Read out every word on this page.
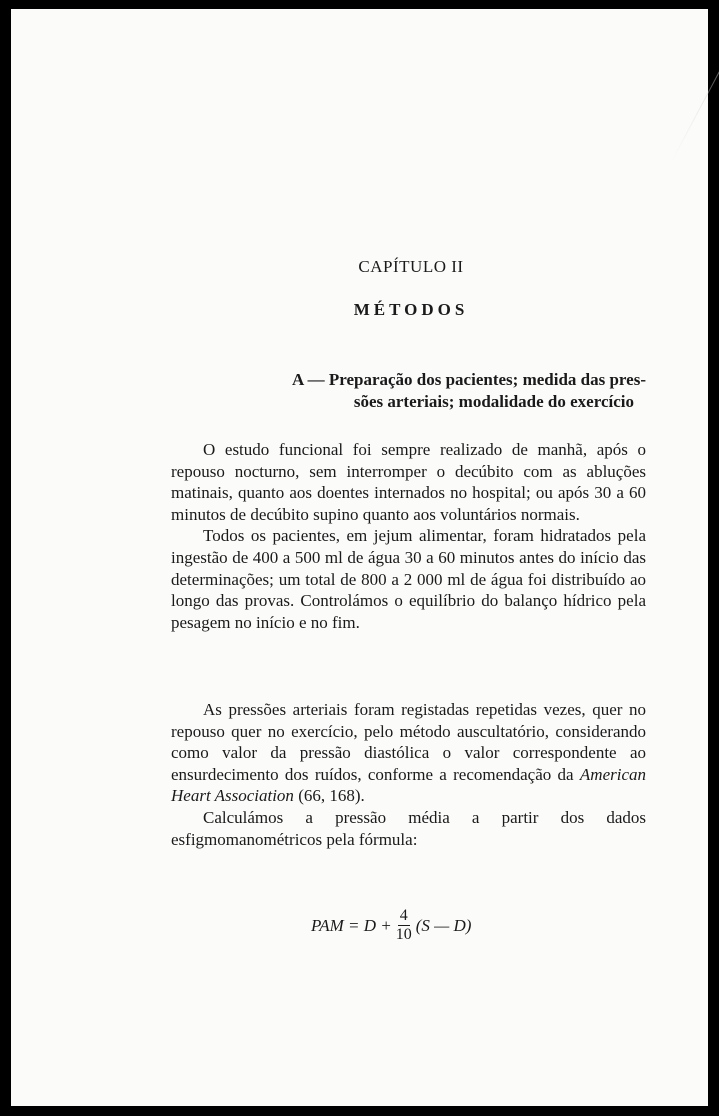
CAPÍTULO II
MÉTODOS
A — Preparação dos pacientes; medida das pres-
sões arteriais; modalidade do exercício

O estudo funcional foi sempre realizado de manhã, após o repouso nocturno, sem interromper o decúbito com as abluções matinais, quanto aos doentes internados no hospital; ou após 30 a 60 minutos de decúbito supino quanto aos voluntários normais.

Todos os pacientes, em jejum alimentar, foram hidratados pela ingestão de 400 a 500 ml de água 30 a 60 minutos antes do início das determinações; um total de 800 a 2 000 ml de água foi distribuído ao longo das provas. Controlámos o equilíbrio do balanço hídrico pela pesagem no início e no fim.

As pressões arteriais foram registadas repetidas vezes, quer no repouso quer no exercício, pelo método auscultatório, considerando como valor da pressão diastólica o valor correspondente ao ensurdecimento dos ruídos, conforme a recomendação da American Heart Association (66, 168).

Calculámos a pressão média a partir dos dados esfigmomanométricos pela fórmula:

PAM = $D + \frac{4}{10} (S$ — D)
